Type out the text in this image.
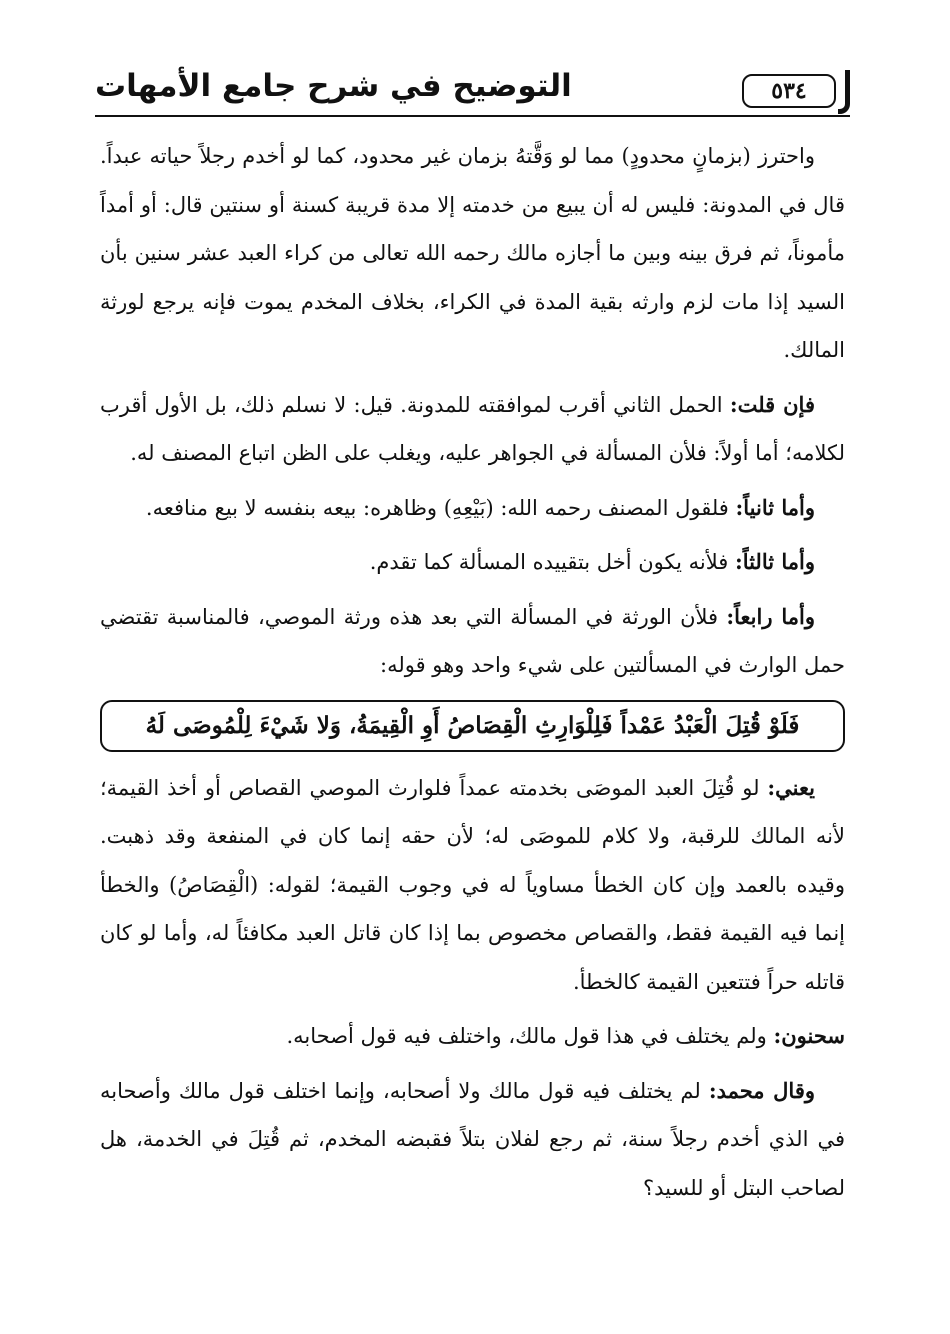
التوضيح في شرح جامع الأمهات	٥٣٤

واحترز (بزمانٍ محدودٍ) مما لو وَقَّتهُ بزمان غير محدود، كما لو أخدم رجلاً حياته عبداً. قال في المدونة: فليس له أن يبيع من خدمته إلا مدة قريبة كسنة أو سنتين قال: أو أمداً مأموناً، ثم فرق بينه وبين ما أجازه مالك رحمه الله تعالى من كراء العبد عشر سنين بأن السيد إذا مات لزم وارثه بقية المدة في الكراء، بخلاف المخدم يموت فإنه يرجع لورثة المالك.

فإن قلت: الحمل الثاني أقرب لموافقته للمدونة. قيل: لا نسلم ذلك، بل الأول أقرب لكلامه؛ أما أولاً: فلأن المسألة في الجواهر عليه، ويغلب على الظن اتباع المصنف له.

وأما ثانياً: فلقول المصنف رحمه الله: (بَيْعِهِ) وظاهره: بيعه بنفسه لا بيع منافعه.

وأما ثالثاً: فلأنه يكون أخل بتقييده المسألة كما تقدم.

وأما رابعاً: فلأن الورثة في المسألة التي بعد هذه ورثة الموصي، فالمناسبة تقتضي حمل الوارث في المسألتين على شيء واحد وهو قوله:

فَلَوْ قُتِلَ الْعَبْدُ عَمْداً فَلِلْوَارِثِ الْقِصَاصُ أَوِ الْقِيمَةُ، وَلا شَيْءَ لِلْمُوصَى لَهُ

يعني: لو قُتِلَ العبد الموصَى بخدمته عمداً فلوارث الموصي القصاص أو أخذ القيمة؛ لأنه المالك للرقبة، ولا كلام للموصَى له؛ لأن حقه إنما كان في المنفعة وقد ذهبت. وقيده بالعمد وإن كان الخطأ مساوياً له في وجوب القيمة؛ لقوله: (الْقِصَاصُ) والخطأ إنما فيه القيمة فقط، والقصاص مخصوص بما إذا كان قاتل العبد مكافئاً له، وأما لو كان قاتله حراً فتتعين القيمة كالخطأ.

سحنون: ولم يختلف في هذا قول مالك، واختلف فيه قول أصحابه.

وقال محمد: لم يختلف فيه قول مالك ولا أصحابه، وإنما اختلف قول مالك وأصحابه في الذي أخدم رجلاً سنة، ثم رجع لفلان بتلاً فقبضه المخدم، ثم قُتِلَ في الخدمة، هل لصاحب البتل أو للسيد؟
